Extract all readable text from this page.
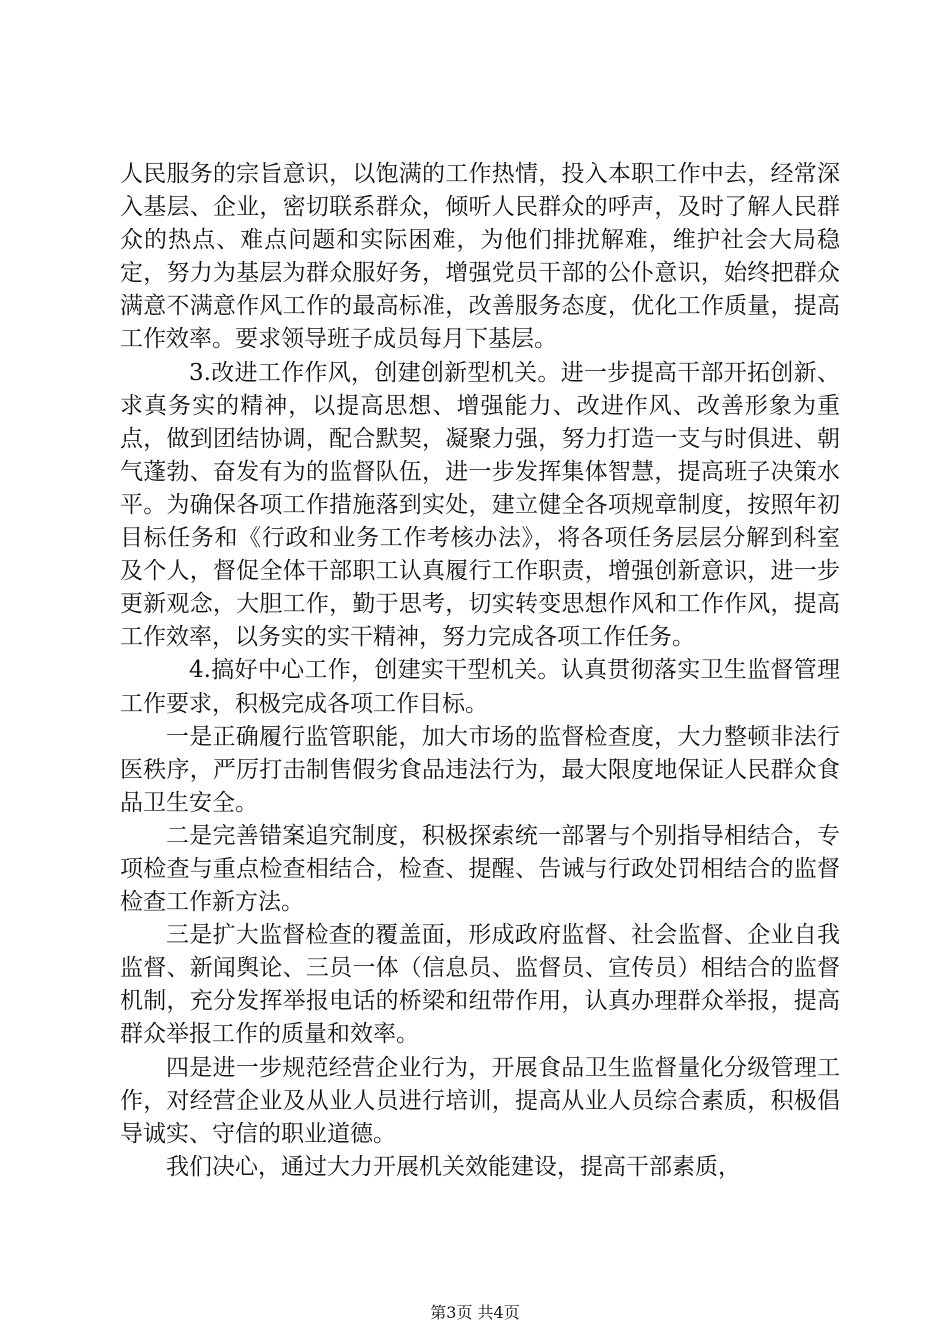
人民服务的宗旨意识，以饱满的工作热情，投入本职工作中去，经常深入基层、企业，密切联系群众，倾听人民群众的呼声，及时了解人民群众的热点、难点问题和实际困难，为他们排扰解难，维护社会大局稳定，努力为基层为群众服好务，增强党员干部的公仆意识，始终把群众满意不满意作风工作的最高标准，改善服务态度，优化工作质量，提高工作效率。要求领导班子成员每月下基层。

3.改进工作作风，创建创新型机关。进一步提高干部开拓创新、求真务实的精神，以提高思想、增强能力、改进作风、改善形象为重点，做到团结协调，配合默契，凝聚力强，努力打造一支与时俱进、朝气蓬勃、奋发有为的监督队伍，进一步发挥集体智慧，提高班子决策水平。为确保各项工作措施落到实处，建立健全各项规章制度，按照年初目标任务和《行政和业务工作考核办法》，将各项任务层层分解到科室及个人，督促全体干部职工认真履行工作职责，增强创新意识，进一步更新观念，大胆工作，勤于思考，切实转变思想作风和工作作风，提高工作效率，以务实的实干精神，努力完成各项工作任务。

4.搞好中心工作，创建实干型机关。认真贯彻落实卫生监督管理工作要求，积极完成各项工作目标。

一是正确履行监管职能，加大市场的监督检查度，大力整顿非法行医秩序，严厉打击制售假劣食品违法行为，最大限度地保证人民群众食品卫生安全。

二是完善错案追究制度，积极探索统一部署与个别指导相结合，专项检查与重点检查相结合，检查、提醒、告诫与行政处罚相结合的监督检查工作新方法。

三是扩大监督检查的覆盖面，形成政府监督、社会监督、企业自我监督、新闻舆论、三员一体（信息员、监督员、宣传员）相结合的监督机制，充分发挥举报电话的桥梁和纽带作用，认真办理群众举报，提高群众举报工作的质量和效率。

四是进一步规范经营企业行为，开展食品卫生监督量化分级管理工作，对经营企业及从业人员进行培训，提高从业人员综合素质，积极倡导诚实、守信的职业道德。

我们决心，通过大力开展机关效能建设，提高干部素质，

第3页 共4页
